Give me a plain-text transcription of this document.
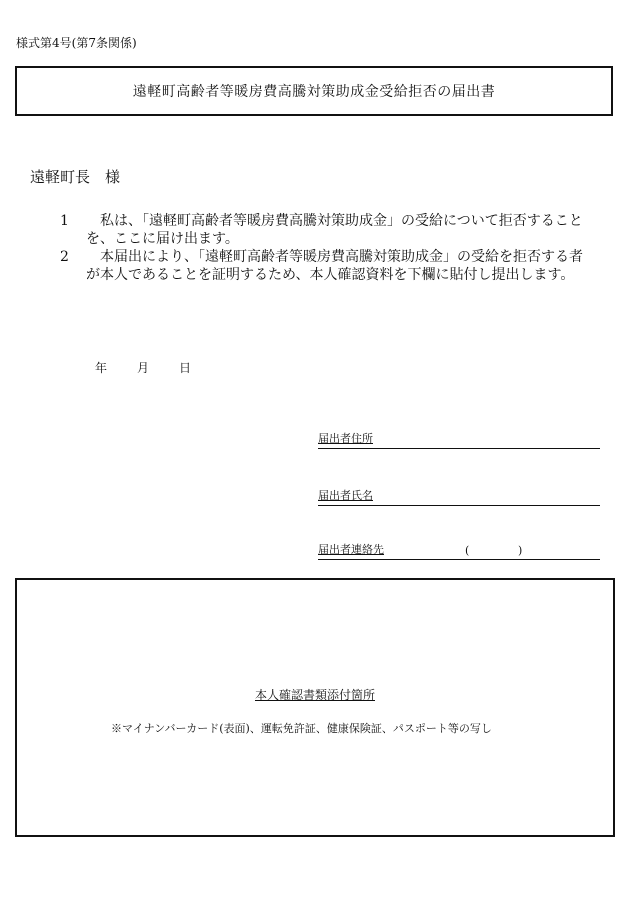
様式第4号(第7条関係)
遠軽町高齢者等暖房費高騰対策助成金受給拒否の届出書
遠軽町長　様
1	私は、「遠軽町高齢者等暖房費高騰対策助成金」の受給について拒否することを、ここに届け出ます。
2	本届出により、「遠軽町高齢者等暖房費高騰対策助成金」の受給を拒否する者が本人であることを証明するため、本人確認資料を下欄に貼付し提出します。
年	月	日
届出者住所
届出者氏名
届出者連絡先	(	)
本人確認書類添付箇所
※マイナンバーカード(表面)、運転免許証、健康保険証、パスポート等の写し
